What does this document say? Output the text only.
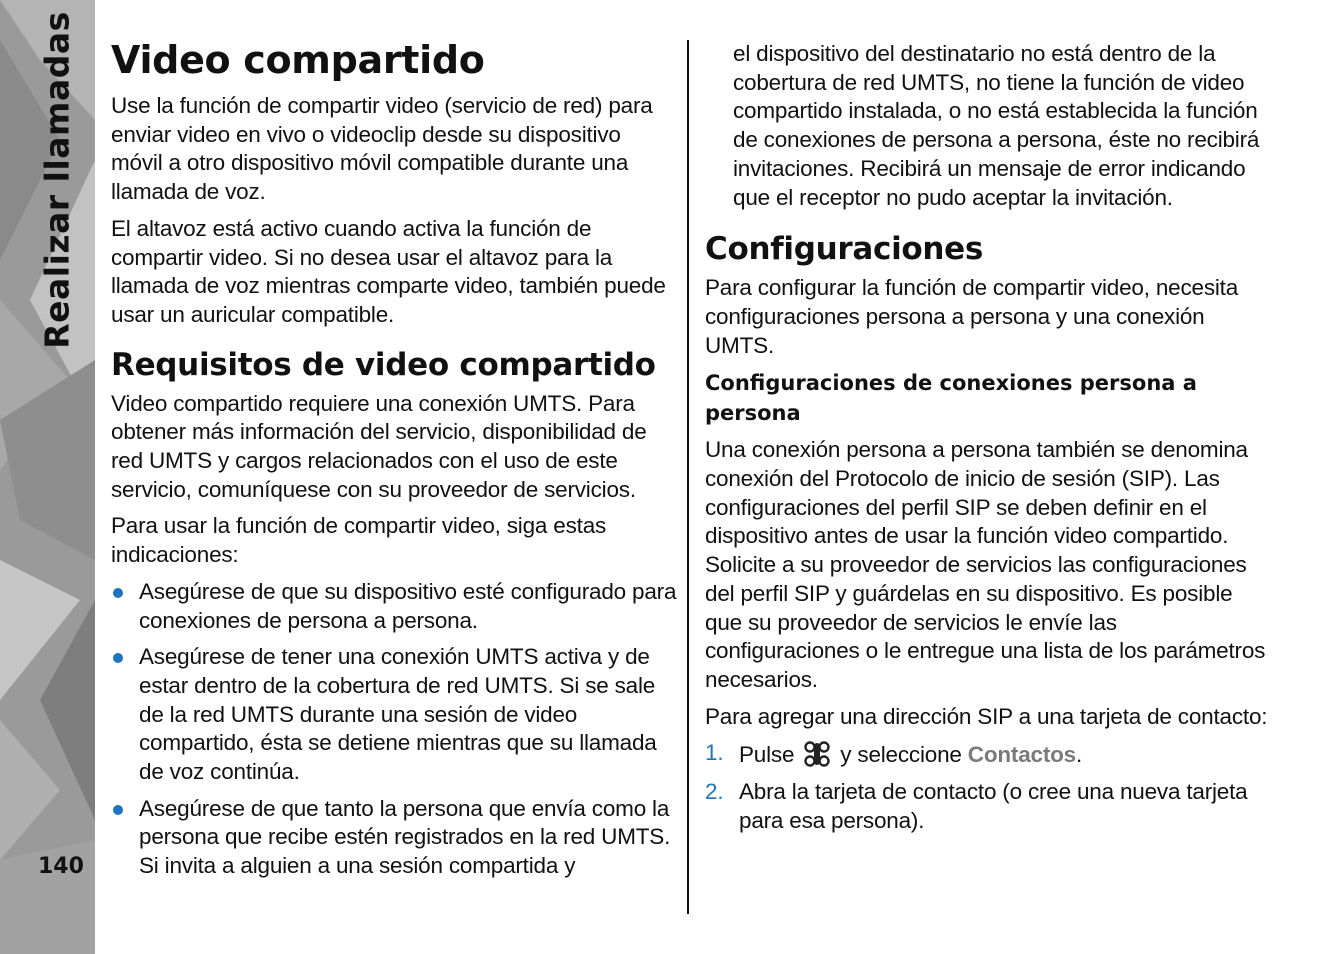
Realizar llamadas
140
Video compartido

Use la función de compartir video (servicio de red) para enviar video en vivo o videoclip desde su dispositivo móvil a otro dispositivo móvil compatible durante una llamada de voz.

El altavoz está activo cuando activa la función de compartir video. Si no desea usar el altavoz para la llamada de voz mientras comparte video, también puede usar un auricular compatible.

Requisitos de video compartido

Video compartido requiere una conexión UMTS. Para obtener más información del servicio, disponibilidad de red UMTS y cargos relacionados con el uso de este servicio, comuníquese con su proveedor de servicios.

Para usar la función de compartir video, siga estas indicaciones:

Asegúrese de que su dispositivo esté configurado para conexiones de persona a persona.
Asegúrese de tener una conexión UMTS activa y de estar dentro de la cobertura de red UMTS. Si se sale de la red UMTS durante una sesión de video compartido, ésta se detiene mientras que su llamada de voz continúa.
Asegúrese de que tanto la persona que envía como la persona que recibe estén registrados en la red UMTS. Si invita a alguien a una sesión compartida y

el dispositivo del destinatario no está dentro de la cobertura de red UMTS, no tiene la función de video compartido instalada, o no está establecida la función de conexiones de persona a persona, éste no recibirá invitaciones. Recibirá un mensaje de error indicando que el receptor no pudo aceptar la invitación.

Configuraciones

Para configurar la función de compartir video, necesita configuraciones persona a persona y una conexión UMTS.

Configuraciones de conexiones persona a persona

Una conexión persona a persona también se denomina conexión del Protocolo de inicio de sesión (SIP). Las configuraciones del perfil SIP se deben definir en el dispositivo antes de usar la función video compartido. Solicite a su proveedor de servicios las configuraciones del perfil SIP y guárdelas en su dispositivo. Es posible que su proveedor de servicios le envíe las configuraciones o le entregue una lista de los parámetros necesarios.

Para agregar una dirección SIP a una tarjeta de contacto:

1. Pulse y seleccione Contactos.
2. Abra la tarjeta de contacto (o cree una nueva tarjeta para esa persona).
